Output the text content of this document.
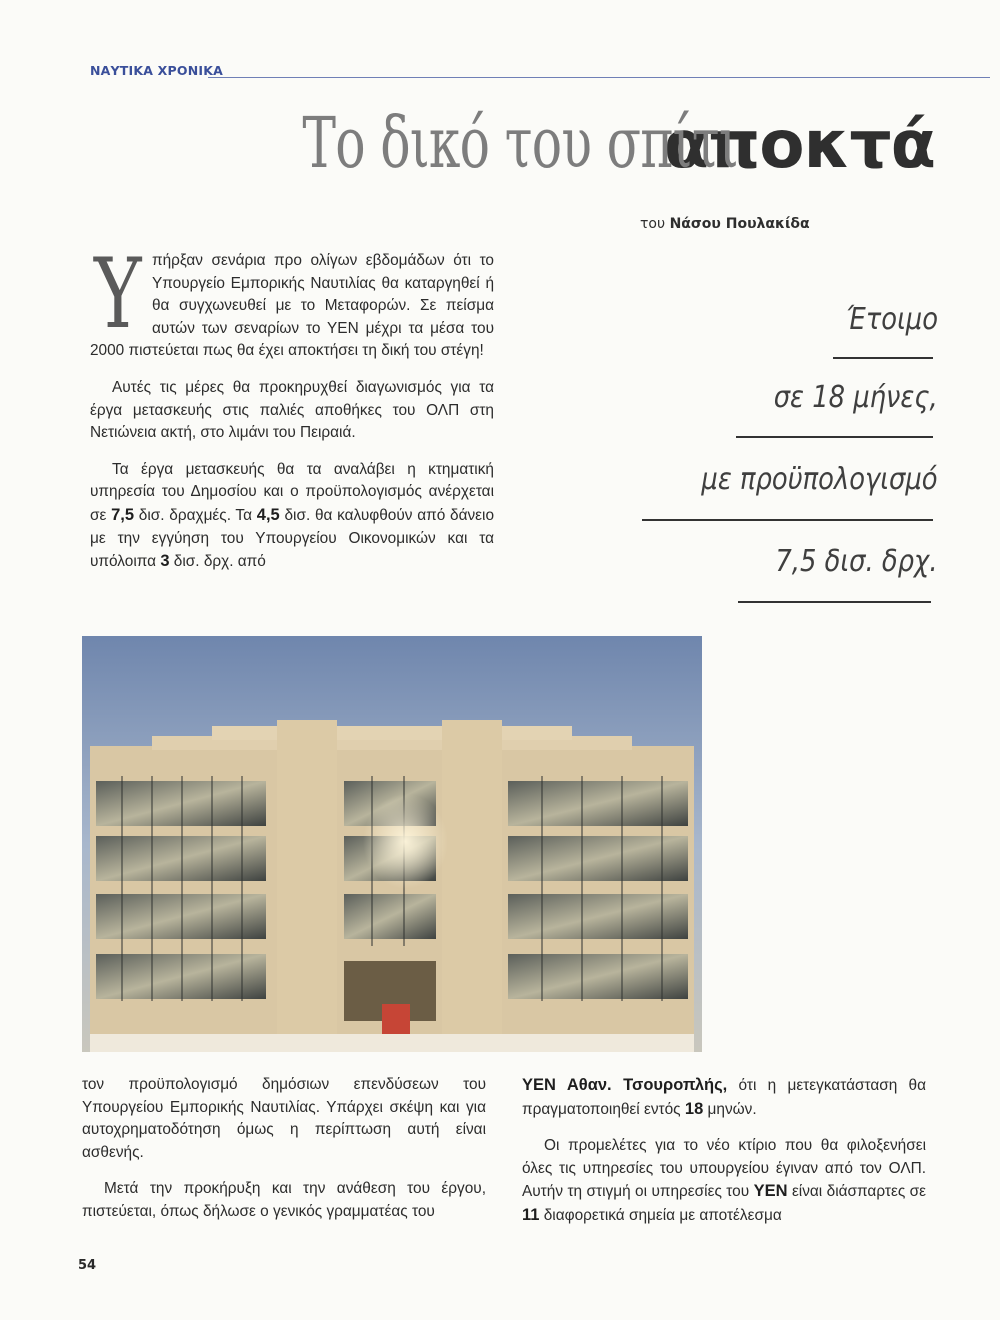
ΝΑΥΤΙΚΑ ΧΡΟΝΙΚΑ
Το δικό του σπίτι αποκτά
του Νάσου Πουλακίδα

Υπήρξαν σενάρια προ ολίγων εβδομάδων ότι το Υπουργείο Εμπορικής Ναυτιλίας θα καταργηθεί ή θα συγχωνευθεί με το Μεταφορών. Σε πείσμα αυτών των σεναρίων το ΥΕΝ μέχρι τα μέσα του 2000 πιστεύεται πως θα έχει αποκτήσει τη δική του στέγη!

Αυτές τις μέρες θα προκηρυχθεί διαγωνισμός για τα έργα μετασκευής στις παλιές αποθήκες του ΟΛΠ στη Νετιώνεια ακτή, στο λιμάνι του Πειραιά.

Τα έργα μετασκευής θα τα αναλάβει η κτηματική υπηρεσία του Δημοσίου και ο προϋπολογισμός ανέρχεται σε 7,5 δισ. δραχμές. Τα 4,5 δισ. θα καλυφθούν από δάνειο με την εγγύηση του Υπουργείου Οικονομικών και τα υπόλοιπα 3 δισ. δρχ. από

Έτοιμο
σε 18 μήνες,
με προϋπολογισμό
7,5 δισ. δρχ.

τον προϋπολογισμό δημόσιων επενδύσεων του Υπουργείου Εμπορικής Ναυτιλίας. Υπάρχει σκέψη και για αυτοχρηματοδότηση όμως η περίπτωση αυτή είναι ασθενής.

Μετά την προκήρυξη και την ανάθεση του έργου, πιστεύεται, όπως δήλωσε ο γενικός γραμματέας του

ΥΕΝ Αθαν. Τσουροπλής, ότι η μετεγκατάσταση θα πραγματοποιηθεί εντός 18 μηνών.

Οι προμελέτες για το νέο κτίριο που θα φιλοξενήσει όλες τις υπηρεσίες του υπουργείου έγιναν από τον ΟΛΠ. Αυτήν τη στιγμή οι υπηρεσίες του ΥΕΝ είναι διάσπαρτες σε 11 διαφορετικά σημεία με αποτέλεσμα

54
